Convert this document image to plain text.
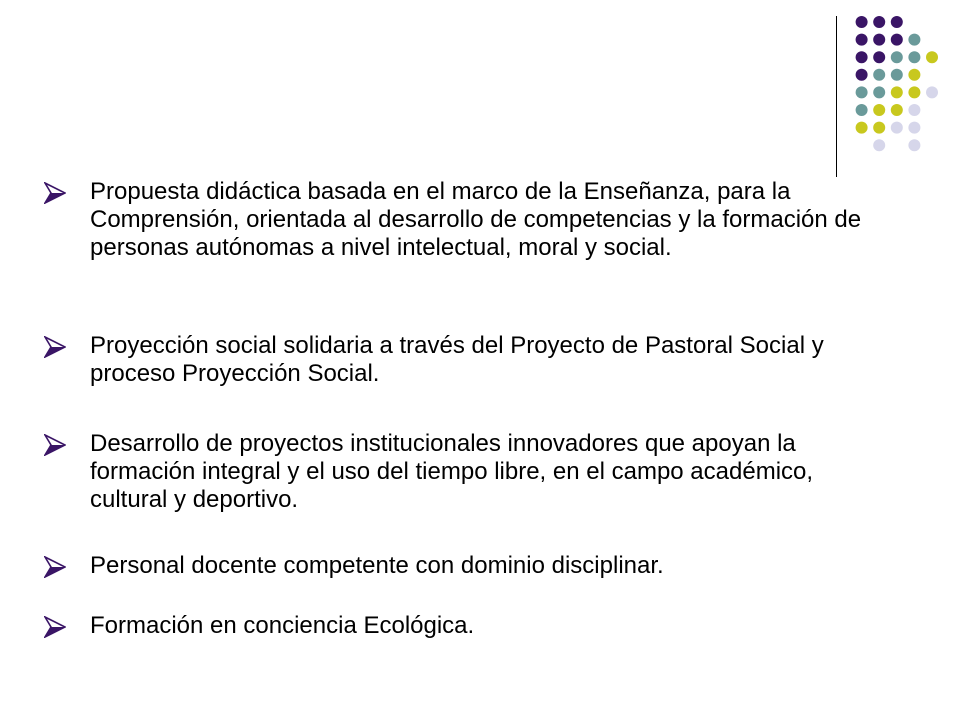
Propuesta didáctica basada en el marco de la Enseñanza, para la Comprensión, orientada al desarrollo de competencias y la formación de personas autónomas a nivel intelectual, moral y social.
Proyección social solidaria a través del Proyecto de Pastoral Social y proceso Proyección Social.
Desarrollo de proyectos institucionales innovadores que apoyan la formación integral y el uso del tiempo libre, en el campo académico, cultural y deportivo.
Personal docente competente con dominio disciplinar.
Formación en conciencia Ecológica.
